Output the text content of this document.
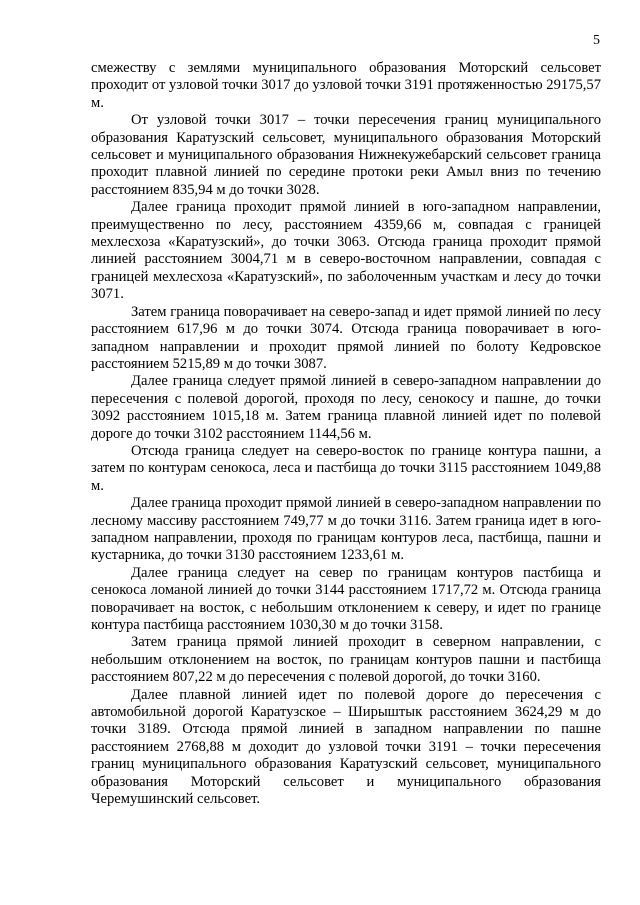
5

смежеству с землями муниципального образования Моторский сельсовет проходит от узловой точки 3017 до узловой точки 3191 протяженностью 29175,57 м.

От узловой точки 3017 – точки пересечения границ муниципального образования Каратузский сельсовет, муниципального образования Моторский сельсовет и муниципального образования Нижнекужебарский сельсовет граница проходит плавной линией по середине протоки реки Амыл вниз по течению расстоянием 835,94 м до точки 3028.

Далее граница проходит прямой линией в юго-западном направлении, преимущественно по лесу, расстоянием 4359,66 м, совпадая с границей мехлесхоза «Каратузский», до точки 3063. Отсюда граница проходит прямой линией расстоянием 3004,71 м в северо-восточном направлении, совпадая с границей мехлесхоза «Каратузский», по заболоченным участкам и лесу до точки 3071.

Затем граница поворачивает на северо-запад и идет прямой линией по лесу расстоянием 617,96 м до точки 3074. Отсюда граница поворачивает в юго-западном направлении и проходит прямой линией по болоту Кедровское расстоянием 5215,89 м до точки 3087.

Далее граница следует прямой линией в северо-западном направлении до пересечения с полевой дорогой, проходя по лесу, сенокосу и пашне, до точки 3092 расстоянием 1015,18 м. Затем граница плавной линией идет по полевой дороге до точки 3102 расстоянием 1144,56 м.

Отсюда граница следует на северо-восток по границе контура пашни, а затем по контурам сенокоса, леса и пастбища до точки 3115 расстоянием 1049,88 м.

Далее граница проходит прямой линией в северо-западном направлении по лесному массиву расстоянием 749,77 м до точки 3116. Затем граница идет в юго-западном направлении, проходя по границам контуров леса, пастбища, пашни и кустарника, до точки 3130 расстоянием 1233,61 м.

Далее граница следует на север по границам контуров пастбища и сенокоса ломаной линией до точки 3144 расстоянием 1717,72 м. Отсюда граница поворачивает на восток, с небольшим отклонением к северу, и идет по границе контура пастбища расстоянием 1030,30 м до точки 3158.

Затем граница прямой линией проходит в северном направлении, с небольшим отклонением на восток, по границам контуров пашни и пастбища расстоянием 807,22 м до пересечения с полевой дорогой, до точки 3160.

Далее плавной линией идет по полевой дороге до пересечения с автомобильной дорогой Каратузское – Ширыштык расстоянием 3624,29 м до точки 3189. Отсюда прямой линией в западном направлении по пашне расстоянием 2768,88 м доходит до узловой точки 3191 – точки пересечения границ муниципального образования Каратузский сельсовет, муниципального образования Моторский сельсовет и муниципального образования Черемушинский сельсовет.
